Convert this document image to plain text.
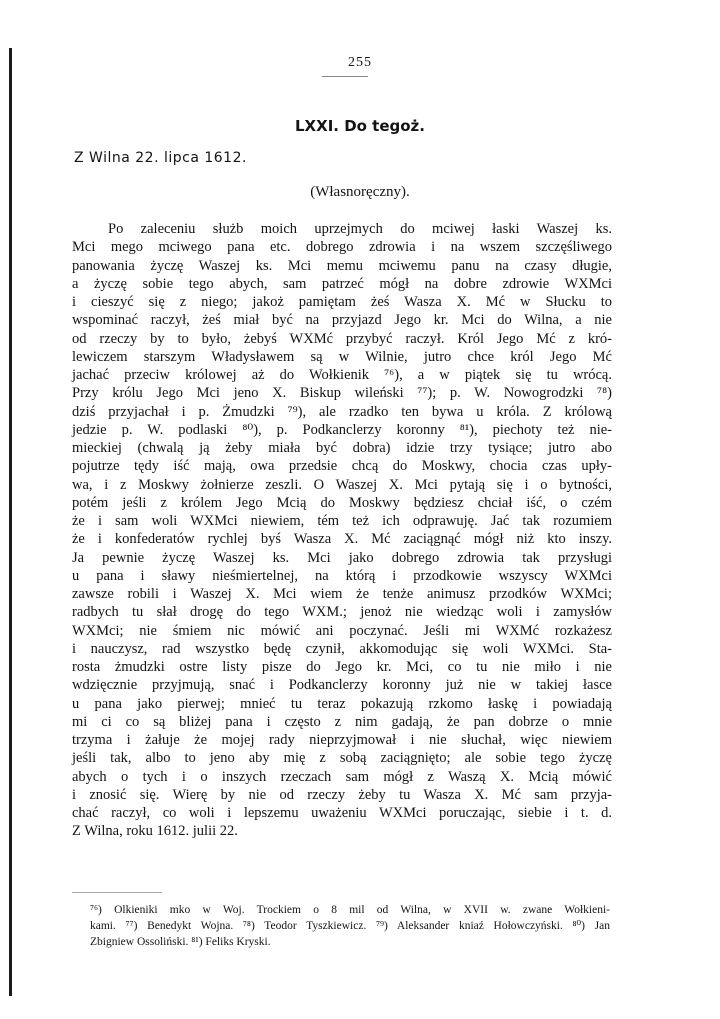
255
LXXI. Do tegoż.
Z Wilna 22. lipca 1612.
(Własnoręczny).
Po zaleceniu służb moich uprzejmych do mciwej łaski Waszej ks.
Mci mego mciwego pana etc. dobrego zdrowia i na wszem szczęśliwego
panowania życzę Waszej ks. Mci memu mciwemu panu na czasy długie,
a życzę sobie tego abych, sam patrzeć mógł na dobre zdrowie WXMci
i cieszyć się z niego; jakoż pamiętam żeś Wasza X. Mć w Słucku to
wspominać raczył, żeś miał być na przyjazd Jego kr. Mci do Wilna, a nie
od rzeczy by to było, żebyś WXMć przybyć raczył. Król Jego Mć z kró-
lewiczem starszym Władysławem są w Wilnie, jutro chce król Jego Mć
jachać przeciw królowej aż do Wołkienik ⁷⁶), a w piątek się tu wrócą.
Przy królu Jego Mci jeno X. Biskup wileński ⁷⁷); p. W. Nowogrodzki ⁷⁸)
dziś przyjachał i p. Żmudzki ⁷⁹), ale rzadko ten bywa u króla. Z królową
jedzie p. W. podlaski ⁸⁰), p. Podkanclerzy koronny ⁸¹), piechoty też nie-
mieckiej (chwalą ją żeby miała być dobra) idzie trzy tysiące; jutro abo
pojutrze tędy iść mają, owa przedsie chcą do Moskwy, chocia czas upły-
wa, i z Moskwy żołnierze zeszli. O Waszej X. Mci pytają się i o bytności,
potém jeśli z królem Jego Mcią do Moskwy będziesz chciał iść, o czém
że i sam woli WXMci niewiem, tém też ich odprawuję. Jać tak rozumiem
że i konfederatów rychlej byś Wasza X. Mć zaciągnąć mógł niż kto inszy.
Ja pewnie życzę Waszej ks. Mci jako dobrego zdrowia tak przysługi
u pana i sławy nieśmiertelnej, na którą i przodkowie wszyscy WXMci
zawsze robili i Waszej X. Mci wiem że tenże animusz przodków WXMci;
radbych tu słał drogę do tego WXM.; jenoż nie wiedząc woli i zamysłów
WXMci; nie śmiem nic mówić ani poczynać. Jeśli mi WXMć rozkażesz
i nauczysz, rad wszystko będę czynił, akkomodując się woli WXMci. Sta-
rosta żmudzki ostre listy pisze do Jego kr. Mci, co tu nie miło i nie
wdzięcznie przyjmują, snać i Podkanclerzy koronny już nie w takiej łasce
u pana jako pierwej; mnieć tu teraz pokazują rzkomo łaskę i powiadają
mi ci co są bliżej pana i często z nim gadają, że pan dobrze o mnie
trzyma i żałuje że mojej rady nieprzyjmował i nie słuchał, więc niewiem
jeśli tak, albo to jeno aby mię z sobą zaciągnięto; ale sobie tego życzę
abych o tych i o inszych rzeczach sam mógł z Waszą X. Mcią mówić
i znosić się. Wierę by nie od rzeczy żeby tu Wasza X. Mć sam przyja-
chać raczył, co woli i lepszemu uważeniu WXMci poruczając, siebie i t. d.
Z Wilna, roku 1612. julii 22.
⁷⁶) Olkieniki mko w Woj. Trockiem o 8 mil od Wilna, w XVII w. zwane Wołkieni-
kami. ⁷⁷) Benedykt Wojna. ⁷⁸) Teodor Tyszkiewicz. ⁷⁹) Aleksander kniaź Hołowczyński. ⁸⁰) Jan
Zbigniew Ossoliński. ⁸¹) Feliks Kryski.
